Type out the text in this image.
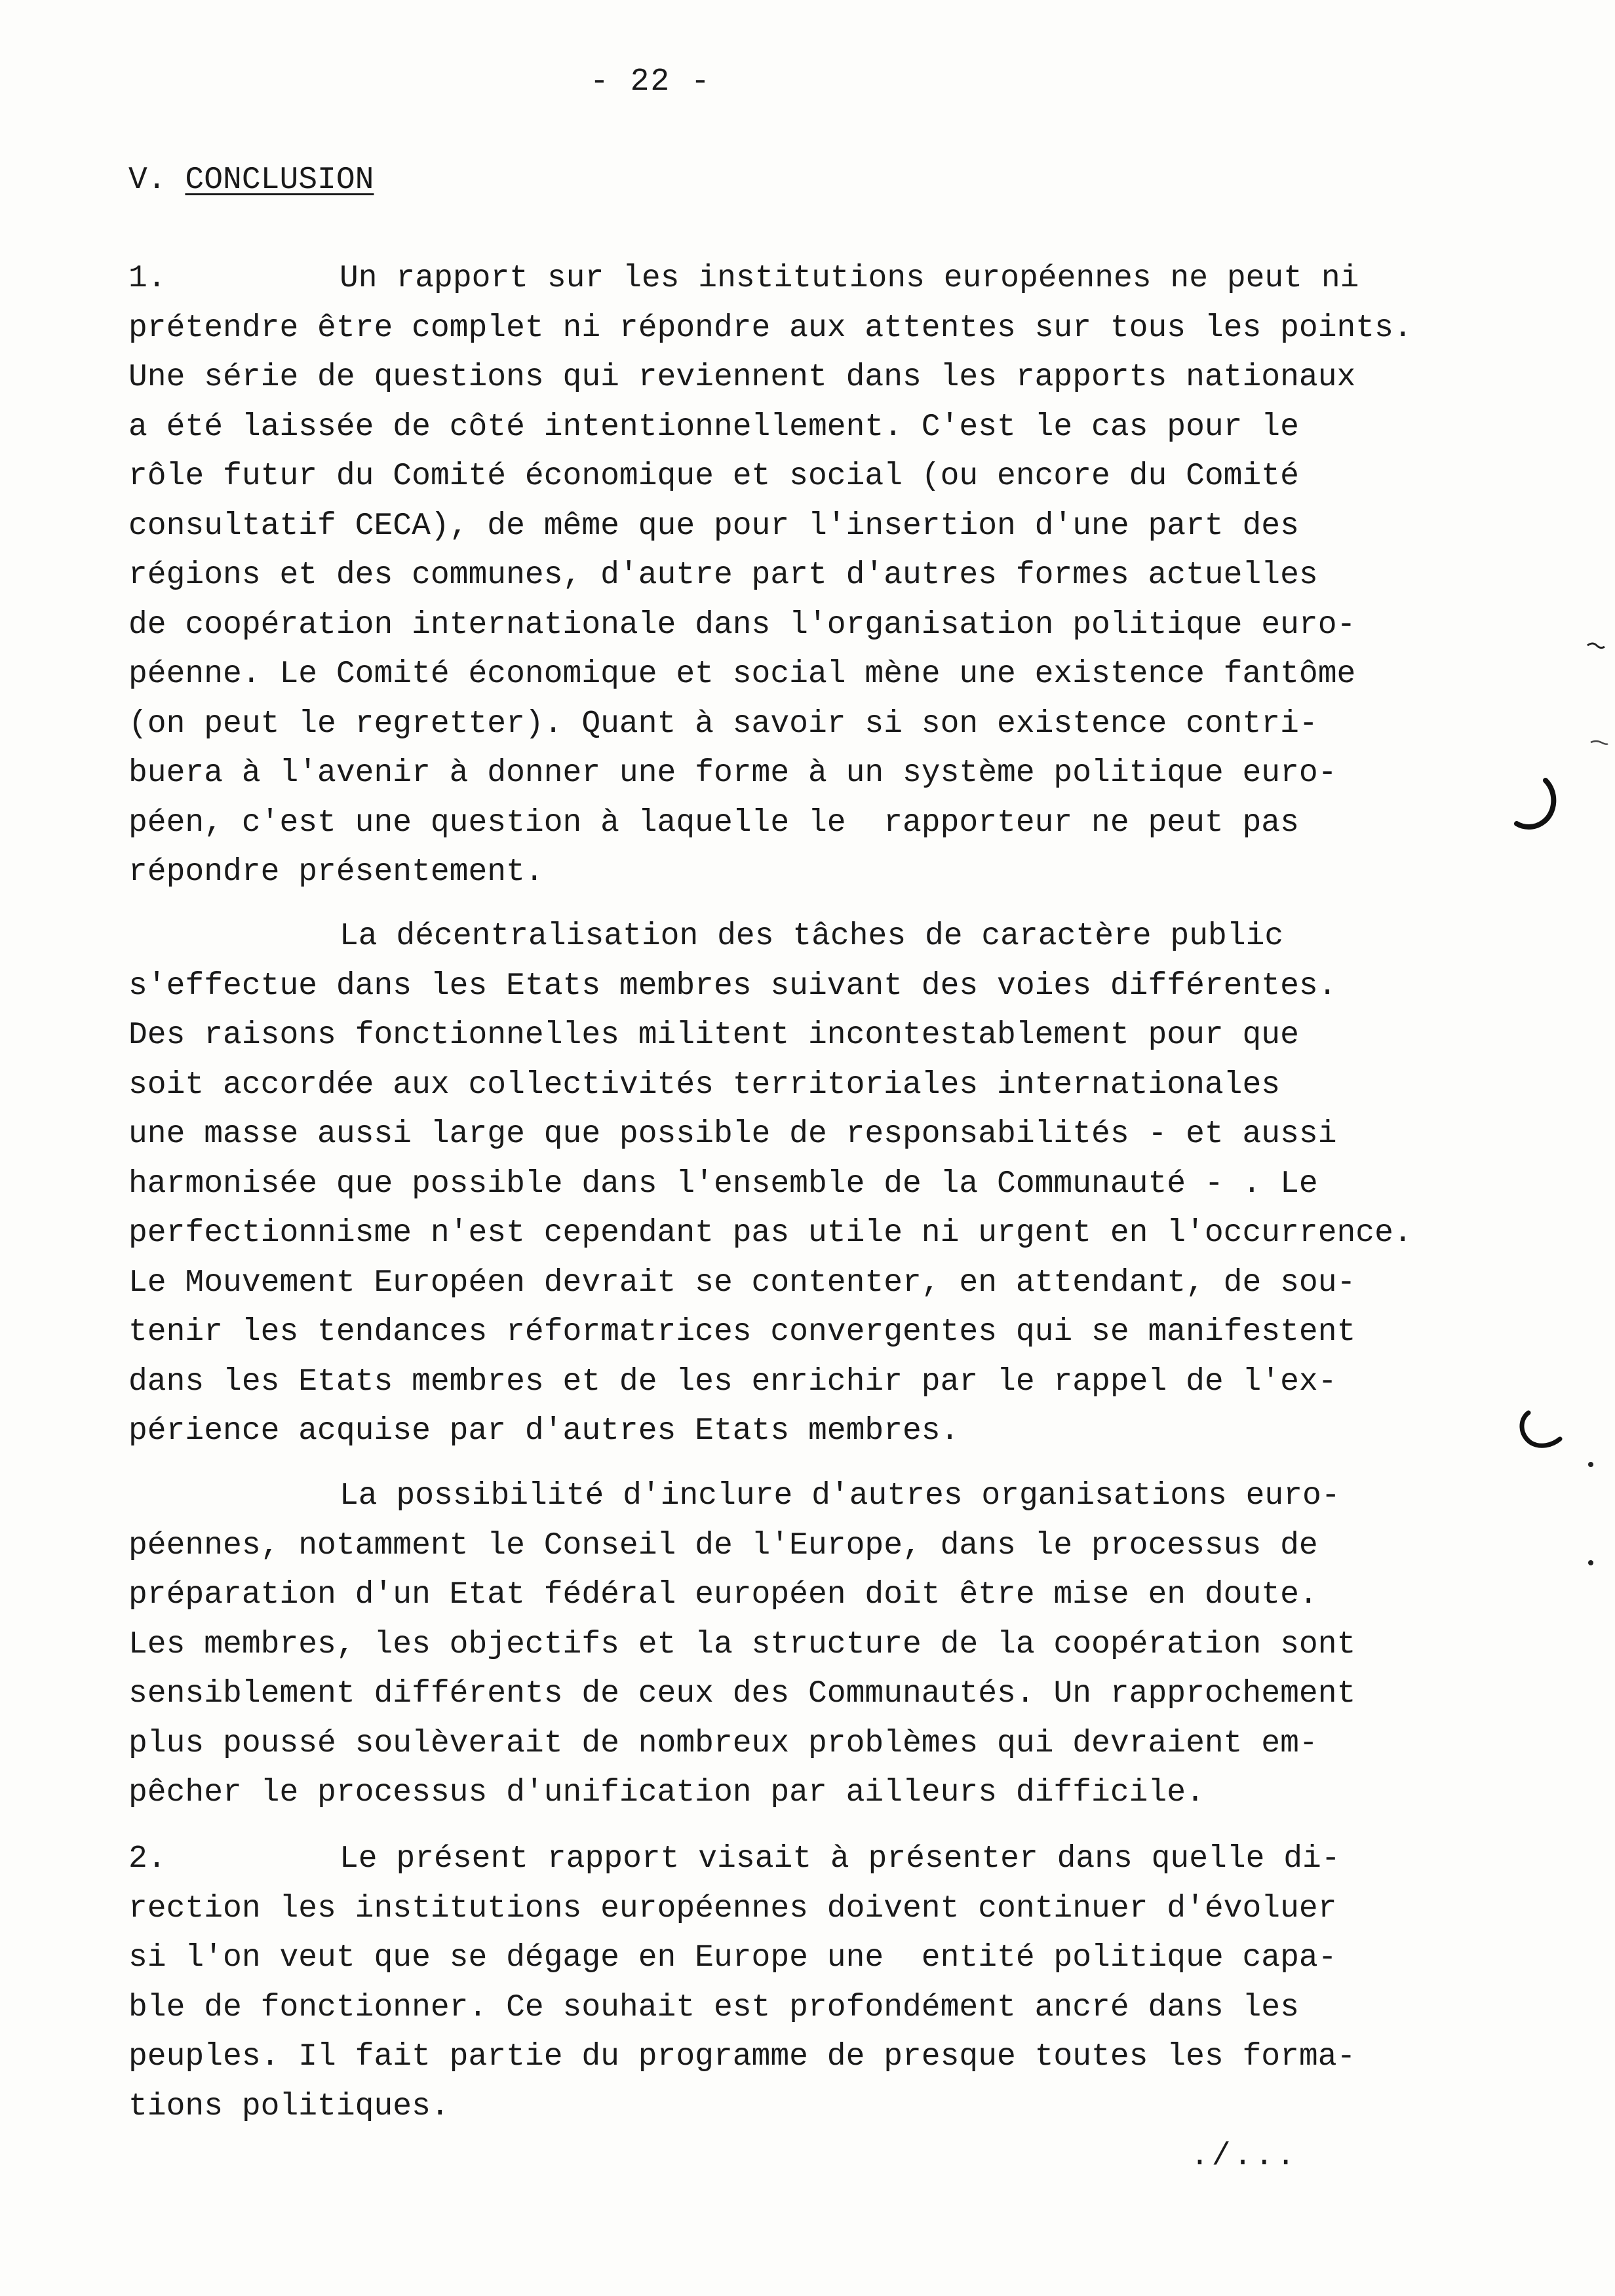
- 22 -
V. CONCLUSION
1.	Un rapport sur les institutions européennes ne peut ni
prétendre être complet ni répondre aux attentes sur tous les points.
Une série de questions qui reviennent dans les rapports nationaux
a été laissée de côté intentionnellement. C'est le cas pour le
rôle futur du Comité économique et social (ou encore du Comité
consultatif CECA), de même que pour l'insertion d'une part des
régions et des communes, d'autre part d'autres formes actuelles
de coopération internationale dans l'organisation politique euro-
péenne. Le Comité économique et social mène une existence fantôme
(on peut le regretter). Quant à savoir si son existence contri-
buera à l'avenir à donner une forme à un système politique euro-
péen, c'est une question à laquelle le  rapporteur ne peut pas
répondre présentement.
La décentralisation des tâches de caractère public
s'effectue dans les Etats membres suivant des voies différentes.
Des raisons fonctionnelles militent incontestablement pour que
soit accordée aux collectivités territoriales internationales
une masse aussi large que possible de responsabilités - et aussi
harmonisée que possible dans l'ensemble de la Communauté - . Le
perfectionnisme n'est cependant pas utile ni urgent en l'occurrence.
Le Mouvement Européen devrait se contenter, en attendant, de sou-
tenir les tendances réformatrices convergentes qui se manifestent
dans les Etats membres et de les enrichir par le rappel de l'ex-
périence acquise par d'autres Etats membres.
La possibilité d'inclure d'autres organisations euro-
péennes, notamment le Conseil de l'Europe, dans le processus de
préparation d'un Etat fédéral européen doit être mise en doute.
Les membres, les objectifs et la structure de la coopération sont
sensiblement différents de ceux des Communautés. Un rapprochement
plus poussé soulèverait de nombreux problèmes qui devraient em-
pêcher le processus d'unification par ailleurs difficile.
2.	Le présent rapport visait à présenter dans quelle di-
rection les institutions européennes doivent continuer d'évoluer
si l'on veut que se dégage en Europe une  entité politique capa-
ble de fonctionner. Ce souhait est profondément ancré dans les
peuples. Il fait partie du programme de presque toutes les forma-
tions politiques.
./...
